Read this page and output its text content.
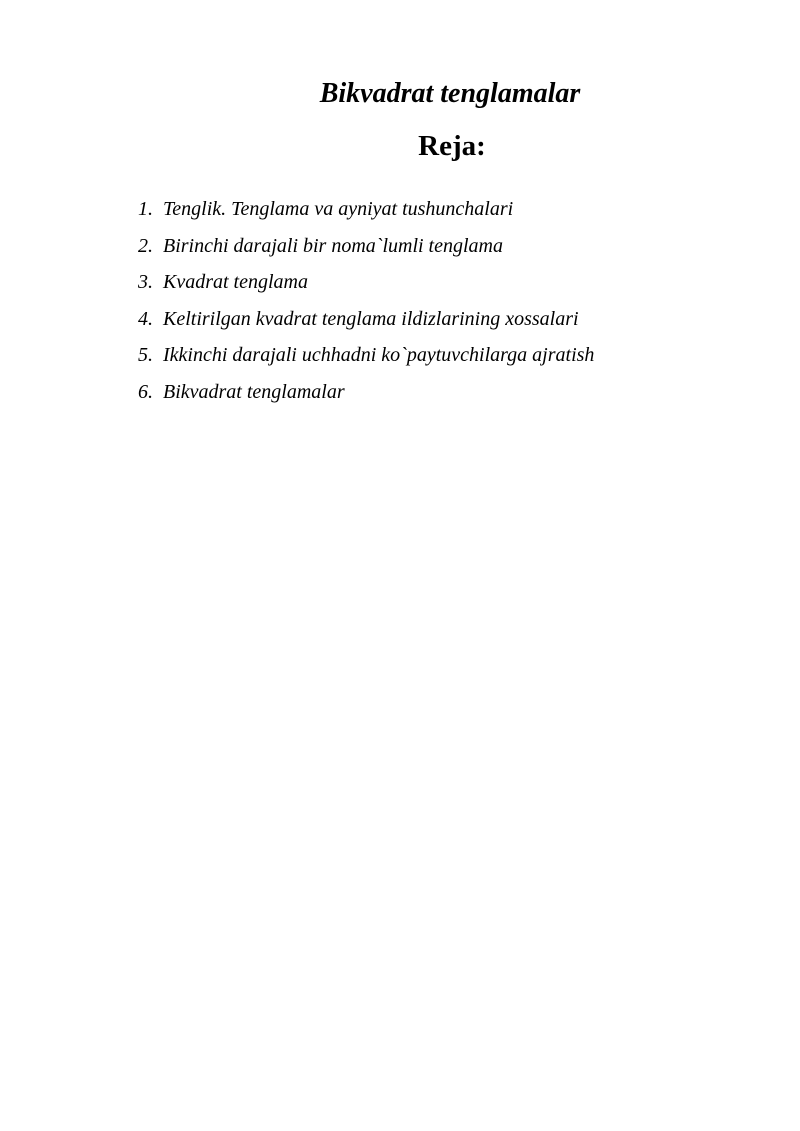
Bikvadrat tenglamalar
Reja:
1. Tenglik. Tenglama va ayniyat tushunchalari
2. Birinchi darajali bir noma`lumli tenglama
3. Kvadrat tenglama
4. Keltirilgan kvadrat tenglama ildizlarining xossalari
5. Ikkinchi darajali uchhadni ko`paytuvchilarga ajratish
6. Bikvadrat tenglamalar
